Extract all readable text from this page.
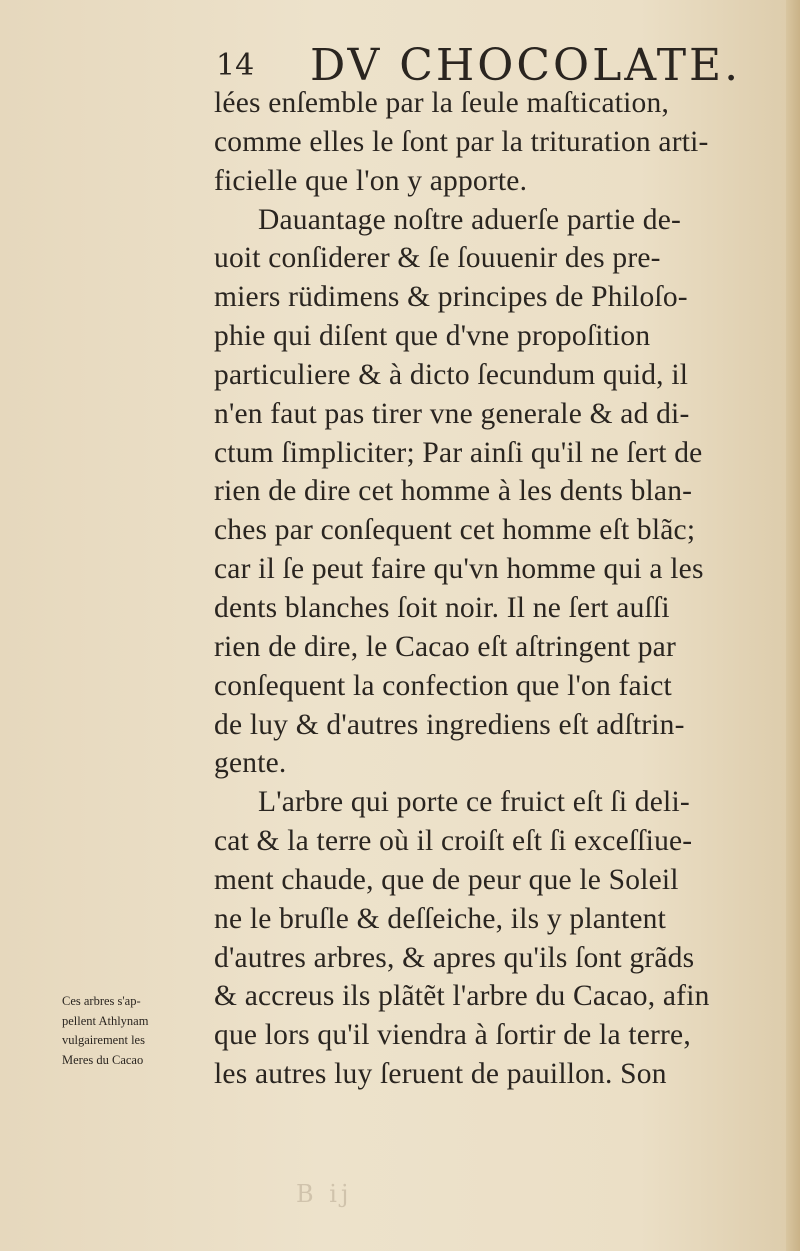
14 DV CHOCOLATE.
lées enſemble par la ſeule maſtication,
comme elles le ſont par la trituration arti-
ficielle que l'on y apporte.
Dauantage noſtre aduerſe partie de-
uoit conſiderer & ſe ſouuenir des pre-
miers rüdimens & principes de Philoſo-
phie qui diſent que d'vne propoſition
particuliere & à dicto ſecundum quid, il
n'en faut pas tirer vne generale & ad di-
ctum ſimpliciter; Par ainſi qu'il ne ſert de
rien de dire cet homme à les dents blan-
ches par conſequent cet homme eſt blãc;
car il ſe peut faire qu'vn homme qui a les
dents blanches ſoit noir. Il ne ſert auſſi
rien de dire, le Cacao eſt aſtringent par
conſequent la confection que l'on faict
de luy & d'autres ingrediens eſt adſtrin-
gente.
L'arbre qui porte ce fruict eſt ſi deli-
cat & la terre où il croiſt eſt ſi exceſſiue-
ment chaude, que de peur que le Soleil
ne le bruſle & deſſeiche, ils y plantent
d'autres arbres, & apres qu'ils ſont grãds
& accreus ils plãtẽt l'arbre du Cacao, afin
que lors qu'il viendra à ſortir de la terre,
les autres luy ſeruent de pauillon. Son
Ces arbres s'ap-
pellent Athlynam
vulgairement les
Meres du Cacao
B ij
